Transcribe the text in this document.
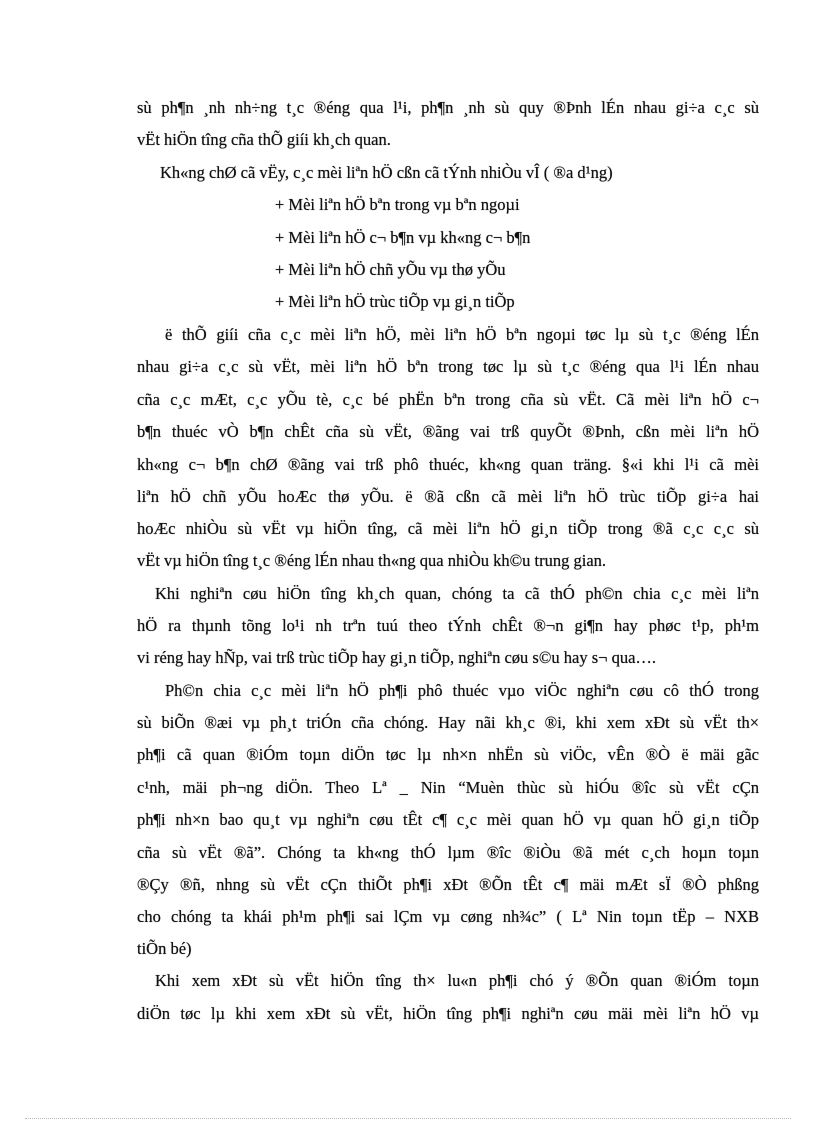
sù ph¶n ¸nh nh÷ng t¸c ®éng qua l¹i, ph¶n ¸nh sù quy ®Þnh lÉn nhau gi÷a c¸c sù
vËt hiÖn tîng cña thÕ giíi kh¸ch quan.
Kh«ng chØ cã vËy, c¸c mèi liªn hÖ cßn cã tÝnh nhiÒu vÎ ( ®a d¹ng)
+ Mèi liªn hÖ bªn trong vµ bªn ngoµi
+ Mèi liªn hÖ c¬ b¶n vµ kh«ng c¬ b¶n
+ Mèi liªn hÖ chñ yÕu vµ thø yÕu
+ Mèi liªn hÖ trùc tiÕp vµ gi¸n tiÕp
ë thÕ giíi cña c¸c mèi liªn hÖ, mèi liªn hÖ bªn ngoµi tøc lµ sù t¸c ®éng lÉn
nhau gi÷a c¸c sù vËt, mèi liªn hÖ bªn trong tøc lµ sù t¸c ®éng qua l¹i lÉn nhau
cña c¸c mÆt, c¸c yÕu tè, c¸c bé phËn bªn trong cña sù vËt. Cã mèi liªn hÖ c¬
b¶n thuéc vÒ b¶n chÊt cña sù vËt, ®ãng vai trß quyÕt ®Þnh, cßn mèi liªn hÖ
kh«ng c¬ b¶n chØ ®ãng vai trß phô thuéc, kh«ng quan träng. §«i khi l¹i cã mèi
liªn hÖ chñ yÕu hoÆc thø yÕu. ë ®ã cßn cã mèi liªn hÖ trùc tiÕp gi÷a hai
hoÆc nhiÒu sù vËt vµ hiÖn tîng, cã mèi liªn hÖ gi¸n tiÕp trong ®ã c¸c c¸c sù
vËt vµ hiÖn tîng t¸c ®éng lÉn nhau th«ng qua nhiÒu kh©u trung gian.
Khi nghiªn cøu hiÖn tîng kh¸ch quan, chóng ta cã thÓ ph©n chia c¸c mèi liªn
hÖ ra thµnh tõng lo¹i nh trªn tuú theo tÝnh chÊt ®¬n gi¶n hay phøc t¹p, ph¹m
vi réng hay hÑp, vai trß trùc tiÕp hay gi¸n tiÕp, nghiªn cøu s©u hay s¬ qua….
Ph©n chia c¸c mèi liªn hÖ ph¶i phô thuéc vµo viÖc nghiªn cøu cô thÓ trong
sù biÕn ®æi vµ ph¸t triÓn cña chóng. Hay nãi kh¸c ®i, khi xem xÐt sù vËt th×
ph¶i cã quan ®iÓm toµn diÖn tøc lµ nh×n nhËn sù viÖc, vÊn ®Ò ë mäi gãc
c¹nh, mäi ph¬ng diÖn. Theo Lª _ Nin “Muèn thùc sù hiÓu ®îc sù vËt cÇn
ph¶i nh×n bao qu¸t vµ nghiªn cøu tÊt c¶ c¸c mèi quan hÖ vµ quan hÖ gi¸n tiÕp
cña sù vËt ®ã”. Chóng ta kh«ng thÓ lµm ®îc ®iÒu ®ã mét c¸ch hoµn toµn
®Çy ®ñ, nhng sù vËt cÇn thiÕt ph¶i xÐt ®Õn tÊt c¶ mäi mÆt sÏ ®Ò phßng
cho chóng ta khái ph¹m ph¶i sai lÇm vµ cøng nh¾c” ( Lª Nin toµn tËp – NXB
tiÕn bé)
Khi xem xÐt sù vËt hiÖn tîng th× lu«n ph¶i chó ý ®Õn quan ®iÓm toµn
diÖn tøc lµ khi xem xÐt sù vËt, hiÖn tîng ph¶i nghiªn cøu mäi mèi liªn hÖ vµ
